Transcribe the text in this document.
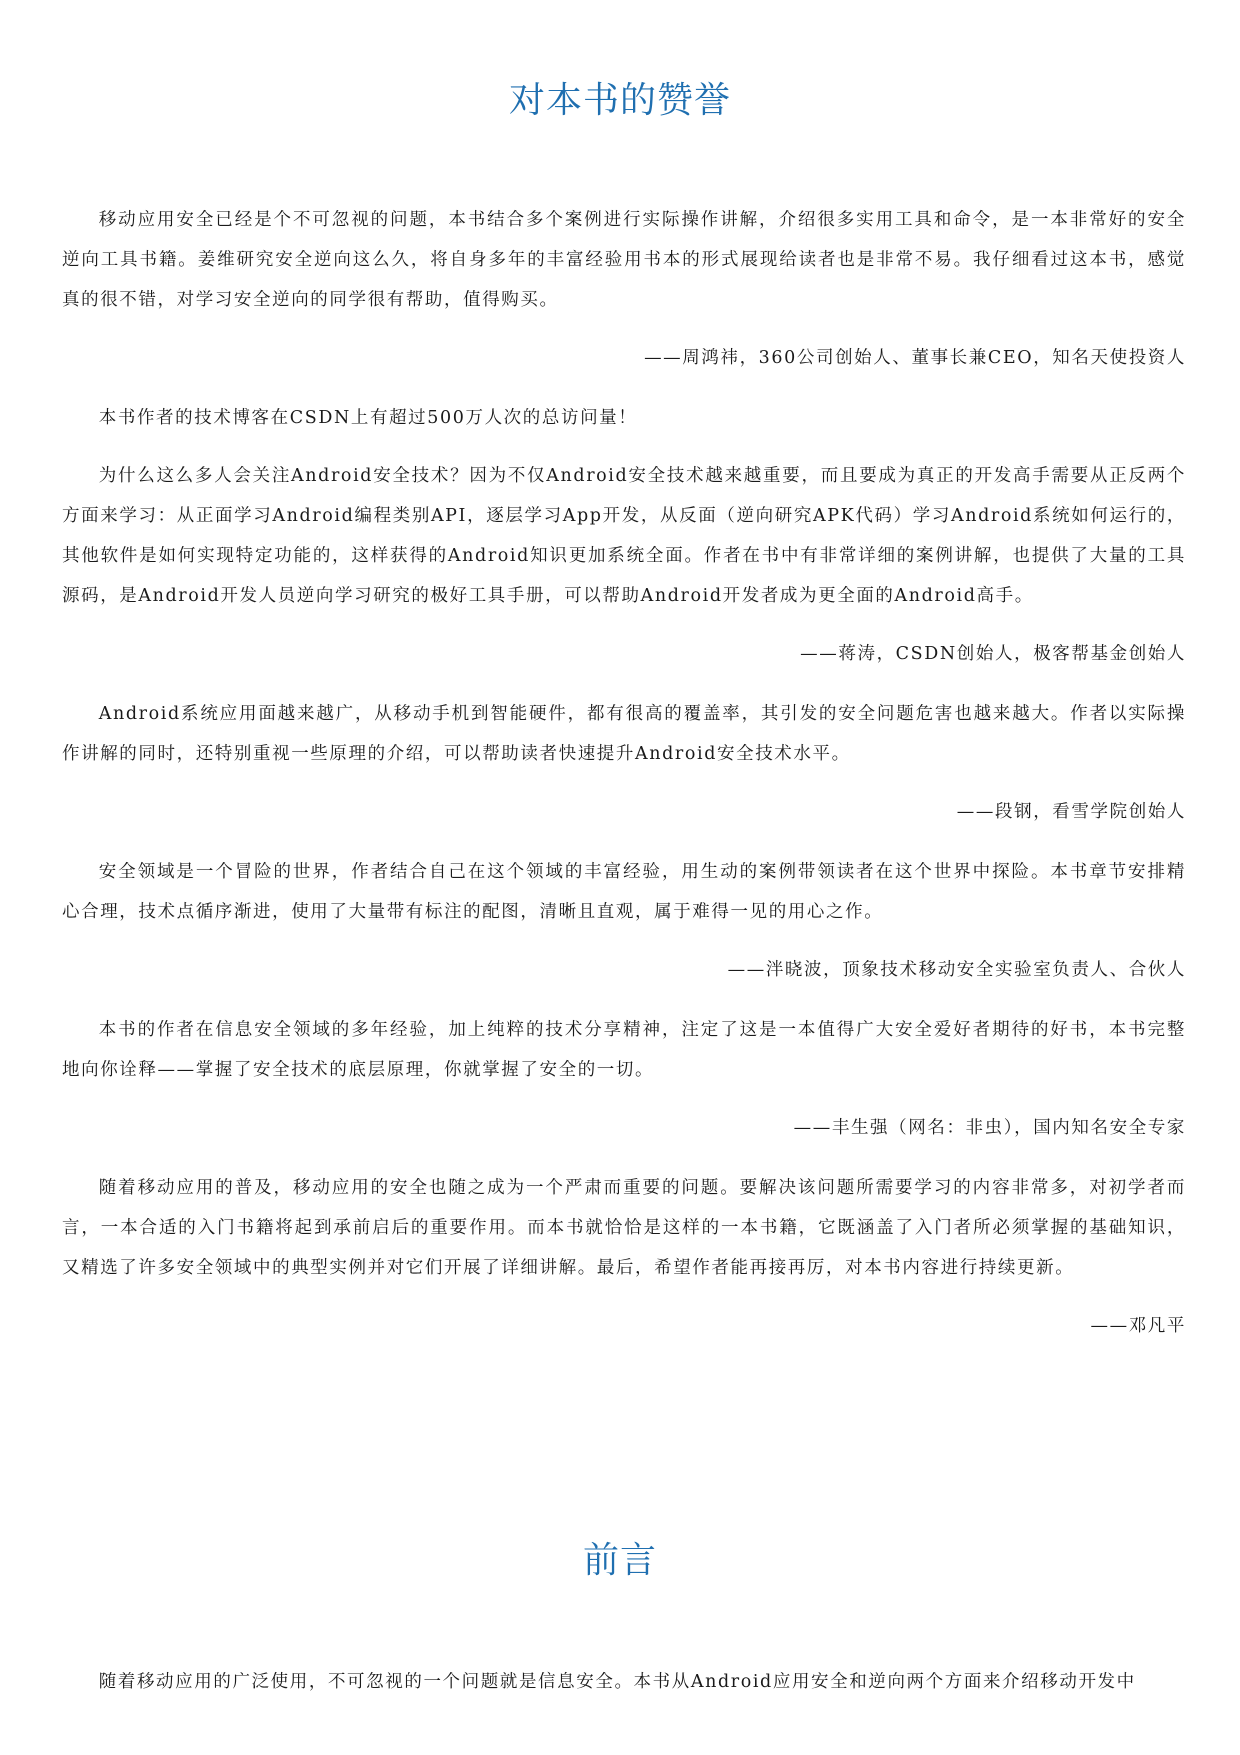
对本书的赞誉

移动应用安全已经是个不可忽视的问题，本书结合多个案例进行实际操作讲解，介绍很多实用工具和命令，是一本非常好的安全逆向工具书籍。姜维研究安全逆向这么久，将自身多年的丰富经验用书本的形式展现给读者也是非常不易。我仔细看过这本书，感觉真的很不错，对学习安全逆向的同学很有帮助，值得购买。

——周鸿祎，360公司创始人、董事长兼CEO，知名天使投资人

本书作者的技术博客在CSDN上有超过500万人次的总访问量！

为什么这么多人会关注Android安全技术？因为不仅Android安全技术越来越重要，而且要成为真正的开发高手需要从正反两个方面来学习：从正面学习Android编程类别API，逐层学习App开发，从反面（逆向研究APK代码）学习Android系统如何运行的，其他软件是如何实现特定功能的，这样获得的Android知识更加系统全面。作者在书中有非常详细的案例讲解，也提供了大量的工具源码，是Android开发人员逆向学习研究的极好工具手册，可以帮助Android开发者成为更全面的Android高手。

——蒋涛，CSDN创始人，极客帮基金创始人

Android系统应用面越来越广，从移动手机到智能硬件，都有很高的覆盖率，其引发的安全问题危害也越来越大。作者以实际操作讲解的同时，还特别重视一些原理的介绍，可以帮助读者快速提升Android安全技术水平。

——段钢，看雪学院创始人

安全领域是一个冒险的世界，作者结合自己在这个领域的丰富经验，用生动的案例带领读者在这个世界中探险。本书章节安排精心合理，技术点循序渐进，使用了大量带有标注的配图，清晰且直观，属于难得一见的用心之作。

——泮晓波，顶象技术移动安全实验室负责人、合伙人

本书的作者在信息安全领域的多年经验，加上纯粹的技术分享精神，注定了这是一本值得广大安全爱好者期待的好书，本书完整地向你诠释——掌握了安全技术的底层原理，你就掌握了安全的一切。

——丰生强（网名：非虫），国内知名安全专家

随着移动应用的普及，移动应用的安全也随之成为一个严肃而重要的问题。要解决该问题所需要学习的内容非常多，对初学者而言，一本合适的入门书籍将起到承前启后的重要作用。而本书就恰恰是这样的一本书籍，它既涵盖了入门者所必须掌握的基础知识，又精选了许多安全领域中的典型实例并对它们开展了详细讲解。最后，希望作者能再接再厉，对本书内容进行持续更新。

——邓凡平

前言

随着移动应用的广泛使用，不可忽视的一个问题就是信息安全。本书从Android应用安全和逆向两个方面来介绍移动开发中
